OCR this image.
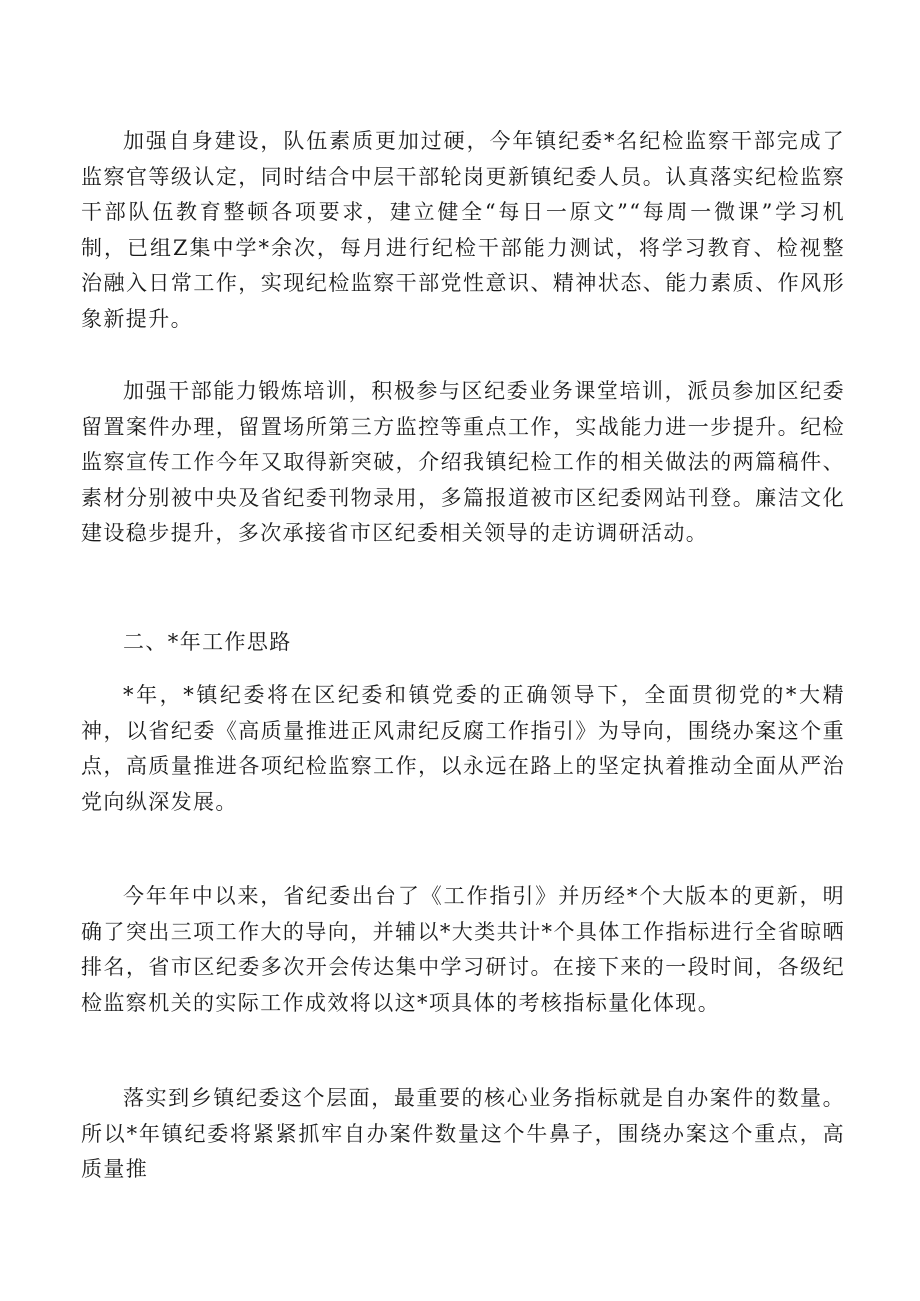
加强自身建设，队伍素质更加过硬，今年镇纪委*名纪检监察干部完成了监察官等级认定，同时结合中层干部轮岗更新镇纪委人员。认真落实纪检监察干部队伍教育整顿各项要求，建立健全“每日一原文”“每周一微课”学习机制，已组Z集中学*余次，每月进行纪检干部能力测试，将学习教育、检视整治融入日常工作，实现纪检监察干部党性意识、精神状态、能力素质、作风形象新提升。

加强干部能力锻炼培训，积极参与区纪委业务课堂培训，派员参加区纪委留置案件办理，留置场所第三方监控等重点工作，实战能力进一步提升。纪检监察宣传工作今年又取得新突破，介绍我镇纪检工作的相关做法的两篇稿件、素材分别被中央及省纪委刊物录用，多篇报道被市区纪委网站刊登。廉洁文化建设稳步提升，多次承接省市区纪委相关领导的走访调研活动。

二、*年工作思路

*年，*镇纪委将在区纪委和镇党委的正确领导下，全面贯彻党的*大精神，以省纪委《高质量推进正风肃纪反腐工作指引》为导向，围绕办案这个重点，高质量推进各项纪检监察工作，以永远在路上的坚定执着推动全面从严治党向纵深发展。

今年年中以来，省纪委出台了《工作指引》并历经*个大版本的更新，明确了突出三项工作大的导向，并辅以*大类共计*个具体工作指标进行全省晾晒排名，省市区纪委多次开会传达集中学习研讨。在接下来的一段时间，各级纪检监察机关的实际工作成效将以这*项具体的考核指标量化体现。

落实到乡镇纪委这个层面，最重要的核心业务指标就是自办案件的数量。所以*年镇纪委将紧紧抓牢自办案件数量这个牛鼻子，围绕办案这个重点，高质量推
